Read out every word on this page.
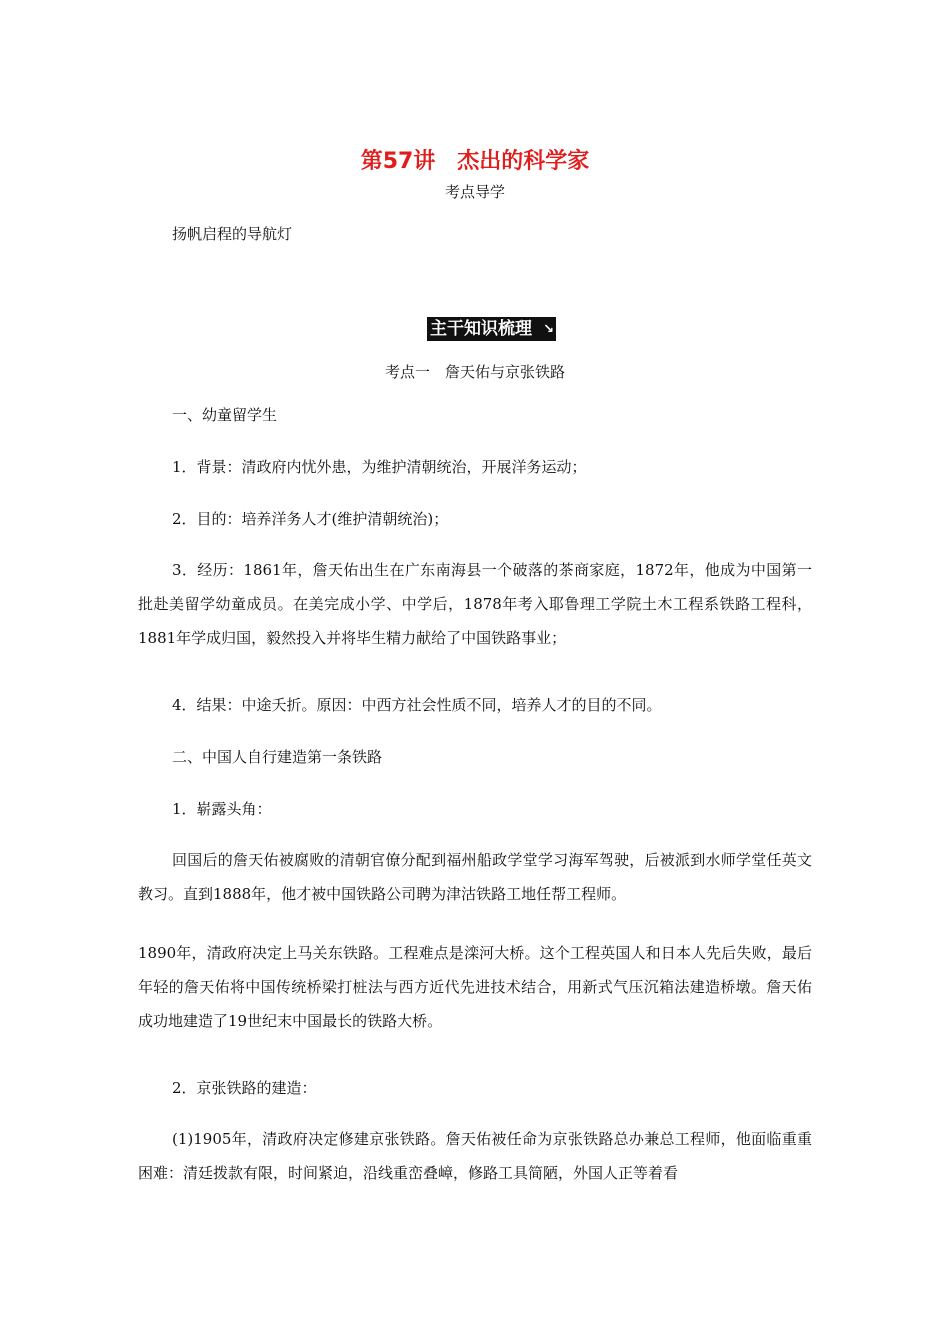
第57讲　杰出的科学家
考点导学
扬帆启程的导航灯
主干知识梳理 ↘
考点一　詹天佑与京张铁路
一、幼童留学生
1．背景：清政府内忧外患，为维护清朝统治，开展洋务运动；
2．目的：培养洋务人才(维护清朝统治)；
3．经历：1861年，詹天佑出生在广东南海县一个破落的茶商家庭，1872年，他成为中国第一批赴美留学幼童成员。在美完成小学、中学后，1878年考入耶鲁理工学院土木工程系铁路工程科，1881年学成归国，毅然投入并将毕生精力献给了中国铁路事业；
4．结果：中途夭折。原因：中西方社会性质不同，培养人才的目的不同。
二、中国人自行建造第一条铁路
1．崭露头角：
回国后的詹天佑被腐败的清朝官僚分配到福州船政学堂学习海军驾驶，后被派到水师学堂任英文教习。直到1888年，他才被中国铁路公司聘为津沽铁路工地任帮工程师。
1890年，清政府决定上马关东铁路。工程难点是滦河大桥。这个工程英国人和日本人先后失败，最后年轻的詹天佑将中国传统桥梁打桩法与西方近代先进技术结合，用新式气压沉箱法建造桥墩。詹天佑成功地建造了19世纪末中国最长的铁路大桥。
2．京张铁路的建造：
(1)1905年，清政府决定修建京张铁路。詹天佑被任命为京张铁路总办兼总工程师，他面临重重困难：清廷拨款有限，时间紧迫，沿线重峦叠嶂，修路工具简陋，外国人正等着看
